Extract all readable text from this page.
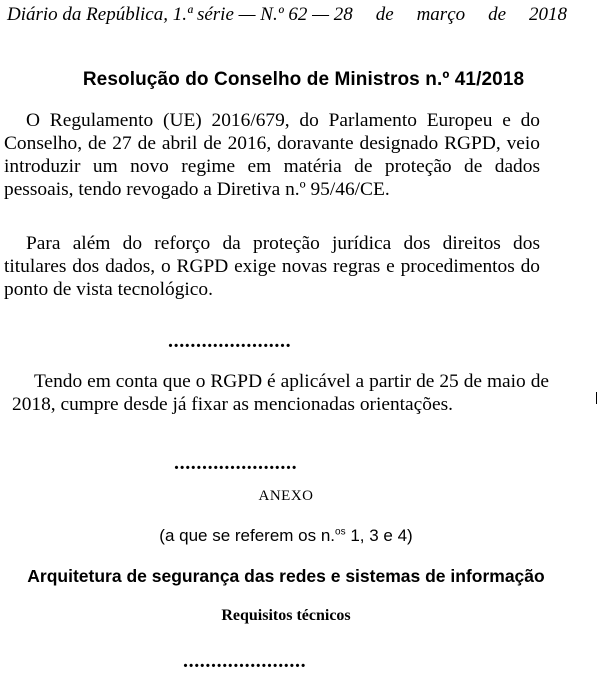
Diário da República, 1.ª série — N.º 62 — 28 de março de 2018
Resolução do Conselho de Ministros n.º 41/2018
O Regulamento (UE) 2016/679, do Parlamento Europeu e do Conselho, de 27 de abril de 2016, doravante designado RGPD, veio introduzir um novo regime em matéria de proteção de dados pessoais, tendo revogado a Diretiva n.º 95/46/CE.
Para além do reforço da proteção jurídica dos direitos dos titulares dos dados, o RGPD exige novas regras e procedimentos do ponto de vista tecnológico.
......................
Tendo em conta que o RGPD é aplicável a partir de 25 de maio de 2018, cumpre desde já fixar as mencionadas orientações.
......................
ANEXO
(a que se referem os n.$^{os}$ 1, 3 e 4)
Arquitetura de segurança das redes e sistemas de informação
Requisitos técnicos
......................
